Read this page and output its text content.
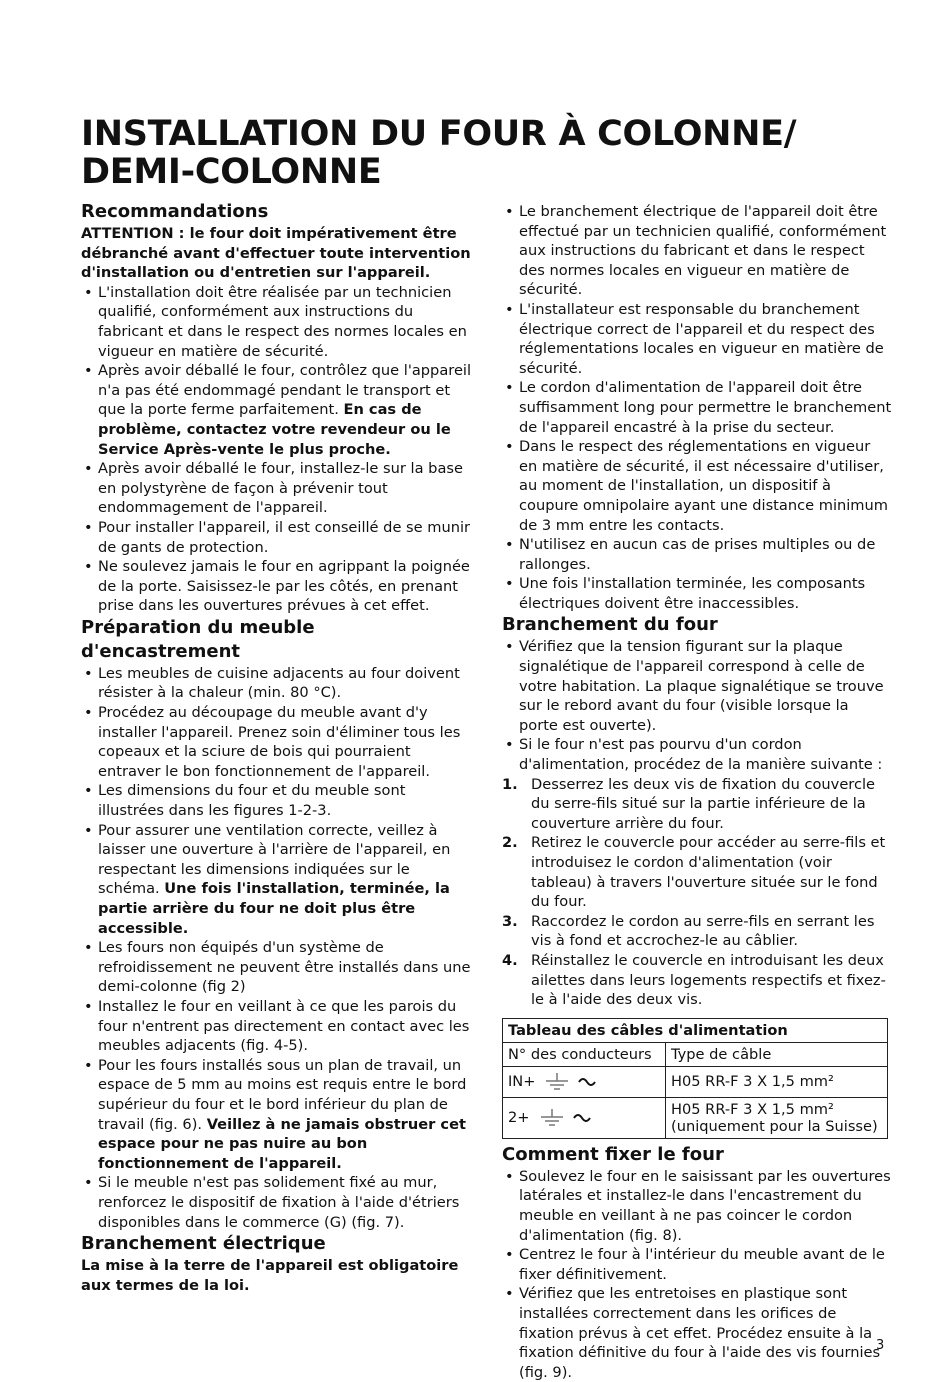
INSTALLATION DU FOUR À COLONNE/ DEMI-COLONNE
Recommandations

ATTENTION : le four doit impérativement être débranché avant d'effectuer toute intervention d'installation ou d'entretien sur l'appareil.

• L'installation doit être réalisée par un technicien qualifié, conformément aux instructions du fabricant et dans le respect des normes locales en vigueur en matière de sécurité.
• Après avoir déballé le four, contrôlez que l'appareil n'a pas été endommagé pendant le transport et que la porte ferme parfaitement. En cas de problème, contactez votre revendeur ou le Service Après-vente le plus proche.
• Après avoir déballé le four, installez-le sur la base en polystyrène de façon à prévenir tout endommagement de l'appareil.
• Pour installer l'appareil, il est conseillé de se munir de gants de protection.
• Ne soulevez jamais le four en agrippant la poignée de la porte. Saisissez-le par les côtés, en prenant prise dans les ouvertures prévues à cet effet.
Préparation du meuble d'encastrement
• Les meubles de cuisine adjacents au four doivent résister à la chaleur (min. 80 °C).
• Procédez au découpage du meuble avant d'y installer l'appareil. Prenez soin d'éliminer tous les copeaux et la sciure de bois qui pourraient entraver le bon fonctionnement de l'appareil.
• Les dimensions du four et du meuble sont illustrées dans les figures 1-2-3.
• Pour assurer une ventilation correcte, veillez à laisser une ouverture à l'arrière de l'appareil, en respectant les dimensions indiquées sur le schéma. Une fois l'installation, terminée, la partie arrière du four ne doit plus être accessible.
• Les fours non équipés d'un système de refroidissement ne peuvent être installés dans une demi-colonne (fig 2)
• Installez le four en veillant à ce que les parois du four n'entrent pas directement en contact avec les meubles adjacents (fig. 4-5).
• Pour les fours installés sous un plan de travail, un espace de 5 mm au moins est requis entre le bord supérieur du four et le bord inférieur du plan de travail (fig. 6). Veillez à ne jamais obstruer cet espace pour ne pas nuire au bon fonctionnement de l'appareil.
• Si le meuble n'est pas solidement fixé au mur, renforcez le dispositif de fixation à l'aide d'étriers disponibles dans le commerce (G) (fig. 7).
Branchement électrique

La mise à la terre de l'appareil est obligatoire aux termes de la loi.

• Le branchement électrique de l'appareil doit être effectué par un technicien qualifié, conformément aux instructions du fabricant et dans le respect des normes locales en vigueur en matière de sécurité.
• L'installateur est responsable du branchement électrique correct de l'appareil et du respect des réglementations locales en vigueur en matière de sécurité.
• Le cordon d'alimentation de l'appareil doit être suffisamment long pour permettre le branchement de l'appareil encastré à la prise du secteur.
• Dans le respect des réglementations en vigueur en matière de sécurité, il est nécessaire d'utiliser, au moment de l'installation, un dispositif à coupure omnipolaire ayant une distance minimum de 3 mm entre les contacts.
• N'utilisez en aucun cas de prises multiples ou de rallonges.
• Une fois l'installation terminée, les composants électriques doivent être inaccessibles.
Branchement du four
• Vérifiez que la tension figurant sur la plaque signalétique de l'appareil correspond à celle de votre habitation. La plaque signalétique se trouve sur le rebord avant du four (visible lorsque la porte est ouverte).
• Si le four n'est pas pourvu d'un cordon d'alimentation, procédez de la manière suivante :
1. Desserrez les deux vis de fixation du couvercle du serre-fils situé sur la partie inférieure de la couverture arrière du four.
2. Retirez le couvercle pour accéder au serre-fils et introduisez le cordon d'alimentation (voir tableau) à travers l'ouverture située sur le fond du four.
3. Raccordez le cordon au serre-fils en serrant les vis à fond et accrochez-le au câblier.
4. Réinstallez le couvercle en introduisant les deux ailettes dans leurs logements respectifs et fixez-le à l'aide des deux vis.
Tableau des câbles d'alimentation	
N° des conducteurs	Type de câble

IN+	H05 RR-F 3 X 1,5 mm²

2+	H05 RR-F 3 X 1,5 mm²
(uniquement pour la Suisse)
Comment fixer le four
• Soulevez le four en le saisissant par les ouvertures latérales et installez-le dans l'encastrement du meuble en veillant à ne pas coincer le cordon d'alimentation (fig. 8).
• Centrez le four à l'intérieur du meuble avant de le fixer définitivement.
• Vérifiez que les entretoises en plastique sont installées correctement dans les orifices de fixation prévus à cet effet. Procédez ensuite à la fixation définitive du four à l'aide des vis fournies (fig. 9).
3
